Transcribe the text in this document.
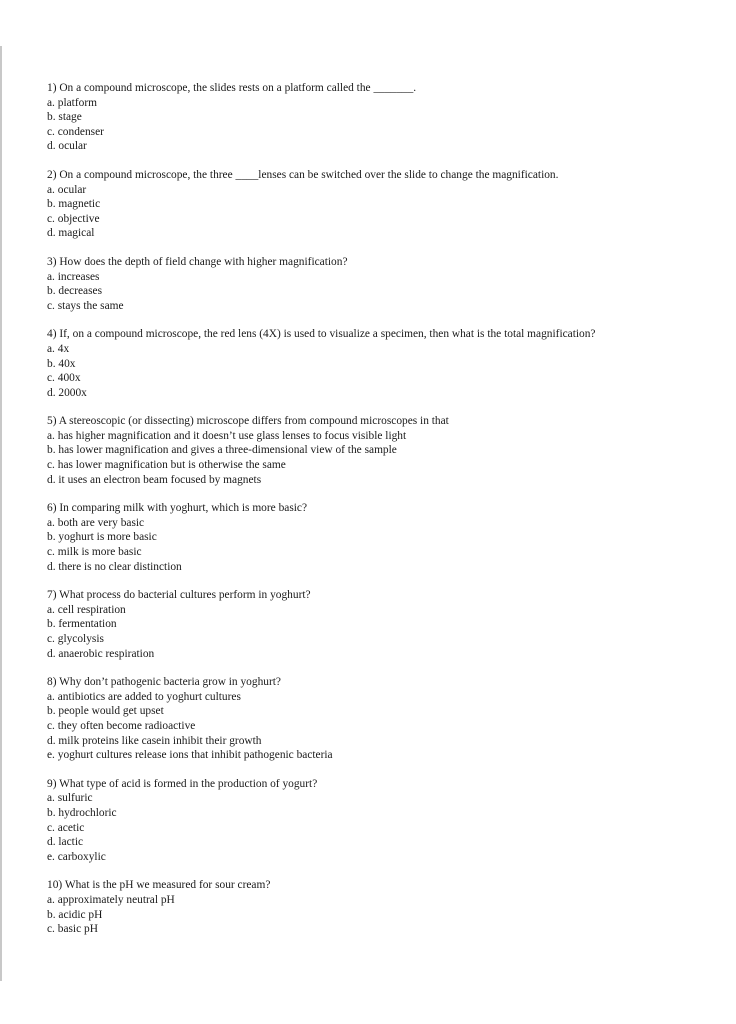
1) On a compound microscope, the slides rests on a platform called the _______.
a. platform
b. stage
c. condenser
d. ocular
2) On a compound microscope, the three ____lenses can be switched over the slide to change the magnification.
a. ocular
b. magnetic
c. objective
d. magical
3) How does the depth of field change with higher magnification?
a. increases
b. decreases
c. stays the same
4) If, on a compound microscope, the red lens (4X) is used to visualize a specimen, then what is the total magnification?
a. 4x
b. 40x
c. 400x
d. 2000x
5) A stereoscopic (or dissecting) microscope differs from compound microscopes in that
a. has higher magnification and it doesn’t use glass lenses to focus visible light
b. has lower magnification and gives a three-dimensional view of the sample
c. has lower magnification but is otherwise the same
d. it uses an electron beam focused by magnets
6) In comparing milk with yoghurt, which is more basic?
a. both are very basic
b. yoghurt is more basic
c. milk is more basic
d. there is no clear distinction
7) What process do bacterial cultures perform in yoghurt?
a. cell respiration
b. fermentation
c. glycolysis
d. anaerobic respiration
8) Why don’t pathogenic bacteria grow in yoghurt?
a. antibiotics are added to yoghurt cultures
b. people would get upset
c. they often become radioactive
d. milk proteins like casein inhibit their growth
e. yoghurt cultures release ions that inhibit pathogenic bacteria
9) What type of acid is formed in the production of yogurt?
a. sulfuric
b. hydrochloric
c. acetic
d. lactic
e. carboxylic
10) What is the pH we measured for sour cream?
a. approximately neutral pH
b. acidic pH
c. basic pH
